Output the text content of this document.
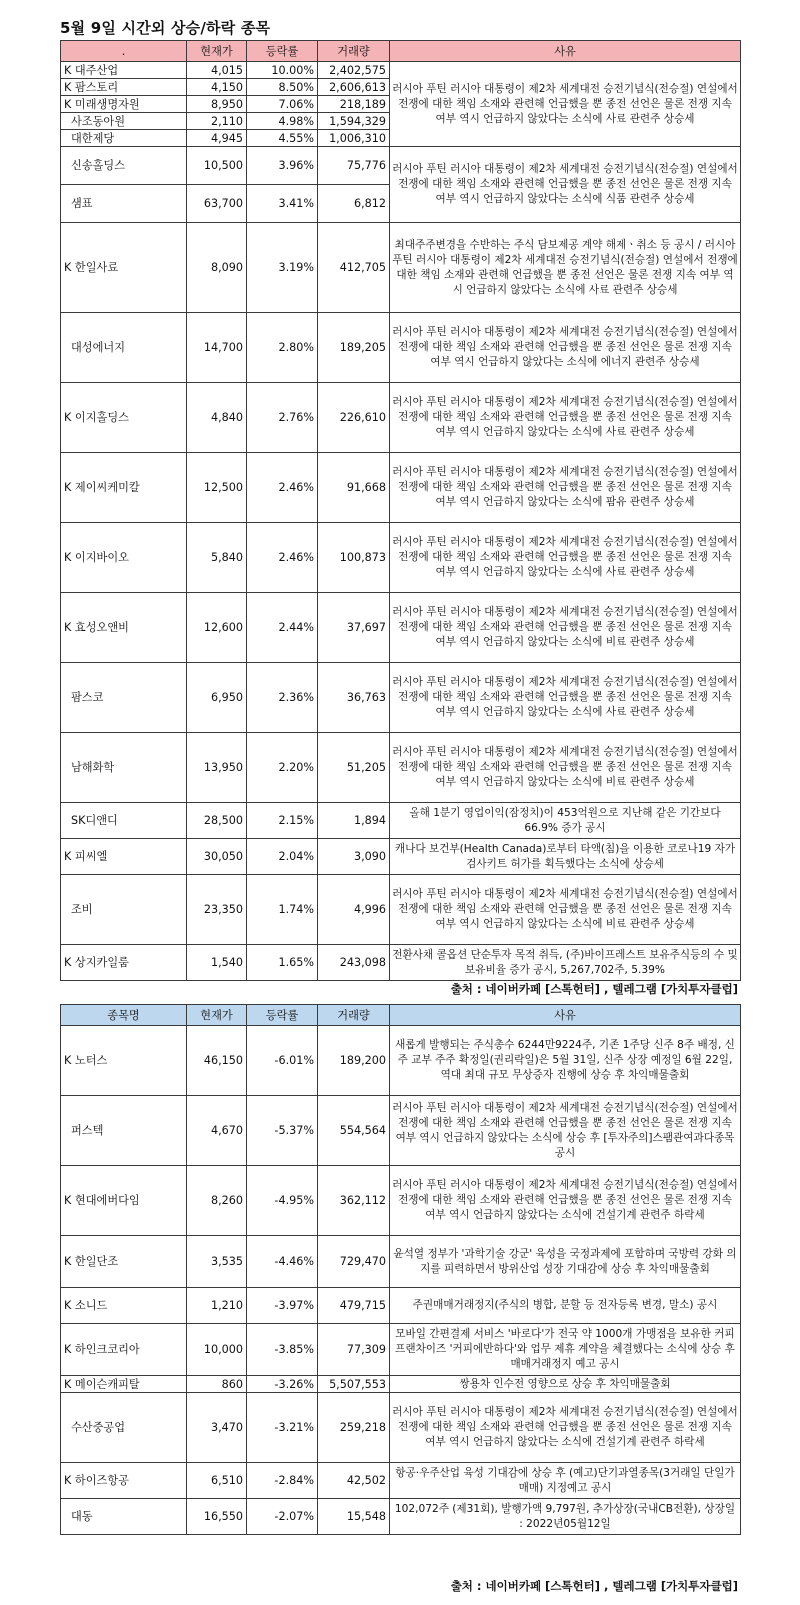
5월 9일 시간외 상승/하락 종목
.	현재가	등락률	거래량	사유
K 대주산업	4,015	10.00%	2,402,575	러시아 푸틴 러시아 대통령이 제2차 세계대전 승전기념식(전승절) 연설에서 전쟁에 대한 책임 소재와 관련해 언급했을 뿐 종전 선언은 물론 전쟁 지속 여부 역시 언급하지 않았다는 소식에 사료 관련주 상승세
K 팜스토리	4,150	8.50%	2,606,613	
K 미래생명자원	8,950	7.06%	218,189	
사조동아원	2,110	4.98%	1,594,329	
대한제당	4,945	4.55%	1,006,310	
신송홀딩스	10,500	3.96%	75,776	러시아 푸틴 러시아 대통령이 제2차 세계대전 승전기념식(전승절) 연설에서 전쟁에 대한 책임 소재와 관련해 언급했을 뿐 종전 선언은 물론 전쟁 지속 여부 역시 언급하지 않았다는 소식에 식품 관련주 상승세
샘표	63,700	3.41%	6,812	
K 한일사료	8,090	3.19%	412,705	최대주주변경을 수반하는 주식 담보제공 계약 해제ㆍ취소 등 공시 / 러시아 푸틴 러시아 대통령이 제2차 세계대전 승전기념식(전승절) 연설에서 전쟁에 대한 책임 소재와 관련해 언급했을 뿐 종전 선언은 물론 전쟁 지속 여부 역시 언급하지 않았다는 소식에 사료 관련주 상승세
대성에너지	14,700	2.80%	189,205	러시아 푸틴 러시아 대통령이 제2차 세계대전 승전기념식(전승절) 연설에서 전쟁에 대한 책임 소재와 관련해 언급했을 뿐 종전 선언은 물론 전쟁 지속 여부 역시 언급하지 않았다는 소식에 에너지 관련주 상승세
K 이지홀딩스	4,840	2.76%	226,610	러시아 푸틴 러시아 대통령이 제2차 세계대전 승전기념식(전승절) 연설에서 전쟁에 대한 책임 소재와 관련해 언급했을 뿐 종전 선언은 물론 전쟁 지속 여부 역시 언급하지 않았다는 소식에 사료 관련주 상승세
K 제이씨케미칼	12,500	2.46%	91,668	러시아 푸틴 러시아 대통령이 제2차 세계대전 승전기념식(전승절) 연설에서 전쟁에 대한 책임 소재와 관련해 언급했을 뿐 종전 선언은 물론 전쟁 지속 여부 역시 언급하지 않았다는 소식에 팜유 관련주 상승세
K 이지바이오	5,840	2.46%	100,873	러시아 푸틴 러시아 대통령이 제2차 세계대전 승전기념식(전승절) 연설에서 전쟁에 대한 책임 소재와 관련해 언급했을 뿐 종전 선언은 물론 전쟁 지속 여부 역시 언급하지 않았다는 소식에 사료 관련주 상승세
K 효성오앤비	12,600	2.44%	37,697	러시아 푸틴 러시아 대통령이 제2차 세계대전 승전기념식(전승절) 연설에서 전쟁에 대한 책임 소재와 관련해 언급했을 뿐 종전 선언은 물론 전쟁 지속 여부 역시 언급하지 않았다는 소식에 비료 관련주 상승세
팜스코	6,950	2.36%	36,763	러시아 푸틴 러시아 대통령이 제2차 세계대전 승전기념식(전승절) 연설에서 전쟁에 대한 책임 소재와 관련해 언급했을 뿐 종전 선언은 물론 전쟁 지속 여부 역시 언급하지 않았다는 소식에 사료 관련주 상승세
남해화학	13,950	2.20%	51,205	러시아 푸틴 러시아 대통령이 제2차 세계대전 승전기념식(전승절) 연설에서 전쟁에 대한 책임 소재와 관련해 언급했을 뿐 종전 선언은 물론 전쟁 지속 여부 역시 언급하지 않았다는 소식에 비료 관련주 상승세
SK디앤디	28,500	2.15%	1,894	올해 1분기 영업이익(잠정치)이 453억원으로 지난해 같은 기간보다 66.9% 증가 공시
K 피씨엘	30,050	2.04%	3,090	캐나다 보건부(Health Canada)로부터 타액(침)을 이용한 코로나19 자가검사키트 허가를 획득했다는 소식에 상승세
조비	23,350	1.74%	4,996	러시아 푸틴 러시아 대통령이 제2차 세계대전 승전기념식(전승절) 연설에서 전쟁에 대한 책임 소재와 관련해 언급했을 뿐 종전 선언은 물론 전쟁 지속 여부 역시 언급하지 않았다는 소식에 비료 관련주 상승세
K 상지카일룸	1,540	1.65%	243,098	전환사채 콜옵션 단순투자 목적 취득, (주)바이프레스트 보유주식등의 수 및 보유비율 증가 공시, 5,267,702주, 5.39%
출처 : 네이버카페 [스톡헌터] , 텔레그램 [가치투자클럽]
종목명	현재가	등락률	거래량	사유
K 노터스	46,150	-6.01%	189,200	새롭게 발행되는 주식총수 6244만9224주, 기존 1주당 신주 8주 배정, 신주 교부 주주 확정일(권리락일)은 5월 31일, 신주 상장 예정일 6월 22일, 역대 최대 규모 무상증자 진행에 상승 후 차익매물출회
퍼스텍	4,670	-5.37%	554,564	러시아 푸틴 러시아 대통령이 제2차 세계대전 승전기념식(전승절) 연설에서 전쟁에 대한 책임 소재와 관련해 언급했을 뿐 종전 선언은 물론 전쟁 지속 여부 역시 언급하지 않았다는 소식에 상승 후 [투자주의]스팸관여과다종목 공시
K 현대에버다임	8,260	-4.95%	362,112	러시아 푸틴 러시아 대통령이 제2차 세계대전 승전기념식(전승절) 연설에서 전쟁에 대한 책임 소재와 관련해 언급했을 뿐 종전 선언은 물론 전쟁 지속 여부 역시 언급하지 않았다는 소식에 건설기계 관련주 하락세
K 한일단조	3,535	-4.46%	729,470	윤석열 정부가 '과학기술 강군' 육성을 국정과제에 포함하며 국방력 강화 의지를 피력하면서 방위산업 성장 기대감에 상승 후 차익매물출회
K 소니드	1,210	-3.97%	479,715	주권매매거래정지(주식의 병합, 분할 등 전자등록 변경, 말소) 공시
K 하인크코리아	10,000	-3.85%	77,309	모바일 간편결제 서비스 '바로다'가 전국 약 1000개 가맹점을 보유한 커피 프랜차이즈 '커피에반하다'와 업무 제휴 계약을 체결했다는 소식에 상승 후 매매거래정지 예고 공시
K 메이슨캐피탈	860	-3.26%	5,507,553	쌍용차 인수전 영향으로 상승 후 차익매물출회
수산중공업	3,470	-3.21%	259,218	러시아 푸틴 러시아 대통령이 제2차 세계대전 승전기념식(전승절) 연설에서 전쟁에 대한 책임 소재와 관련해 언급했을 뿐 종전 선언은 물론 전쟁 지속 여부 역시 언급하지 않았다는 소식에 건설기계 관련주 하락세
K 하이즈항공	6,510	-2.84%	42,502	항공·우주산업 육성 기대감에 상승 후 (예고)단기과열종목(3거래일 단일가매매) 지정예고 공시
대동	16,550	-2.07%	15,548	102,072주 (제31회), 발행가액 9,797원, 추가상장(국내CB전환), 상장일 : 2022년05월12일
출처 : 네이버카페 [스톡헌터] , 텔레그램 [가치투자클럽]
